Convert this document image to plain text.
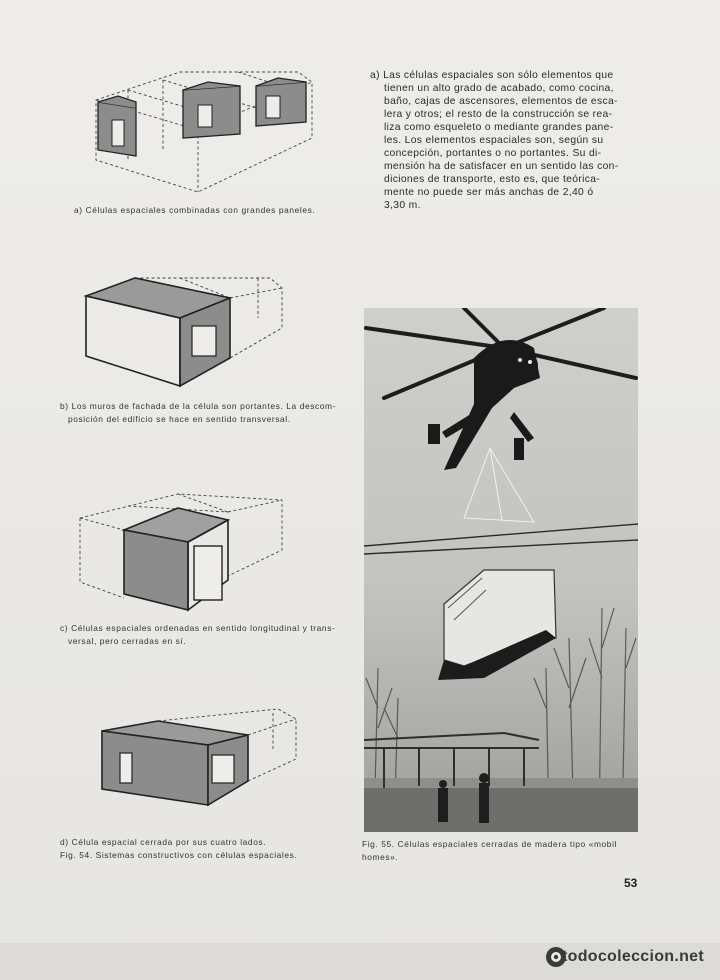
a) Células espaciales combinadas con grandes paneles.
b) Los muros de fachada de la célula son portantes. La descom-
posición del edificio se hace en sentido transversal.
c) Células espaciales ordenadas en sentido longitudinal y trans-
versal, pero cerradas en sí.
d) Célula espacial cerrada por sus cuatro lados.
Fig. 54. Sistemas constructivos con células espaciales.

a) Las células espaciales son sólo elementos que

tienen un alto grado de acabado, como cocina,

baño, cajas de ascensores, elementos de esca-

lera y otros; el resto de la construcción se rea-

liza como esqueleto o mediante grandes pane-

les. Los elementos espaciales son, según su

concepción, portantes o no portantes. Su di-

mensión ha de satisfacer en un sentido las con-

diciones de transporte, esto es, que teórica-

mente no puede ser más anchas de 2,40 ó

3,30 m.

Fig. 55. Células espaciales cerradas de madera tipo «mobil
homes».
53
todocoleccion.net
